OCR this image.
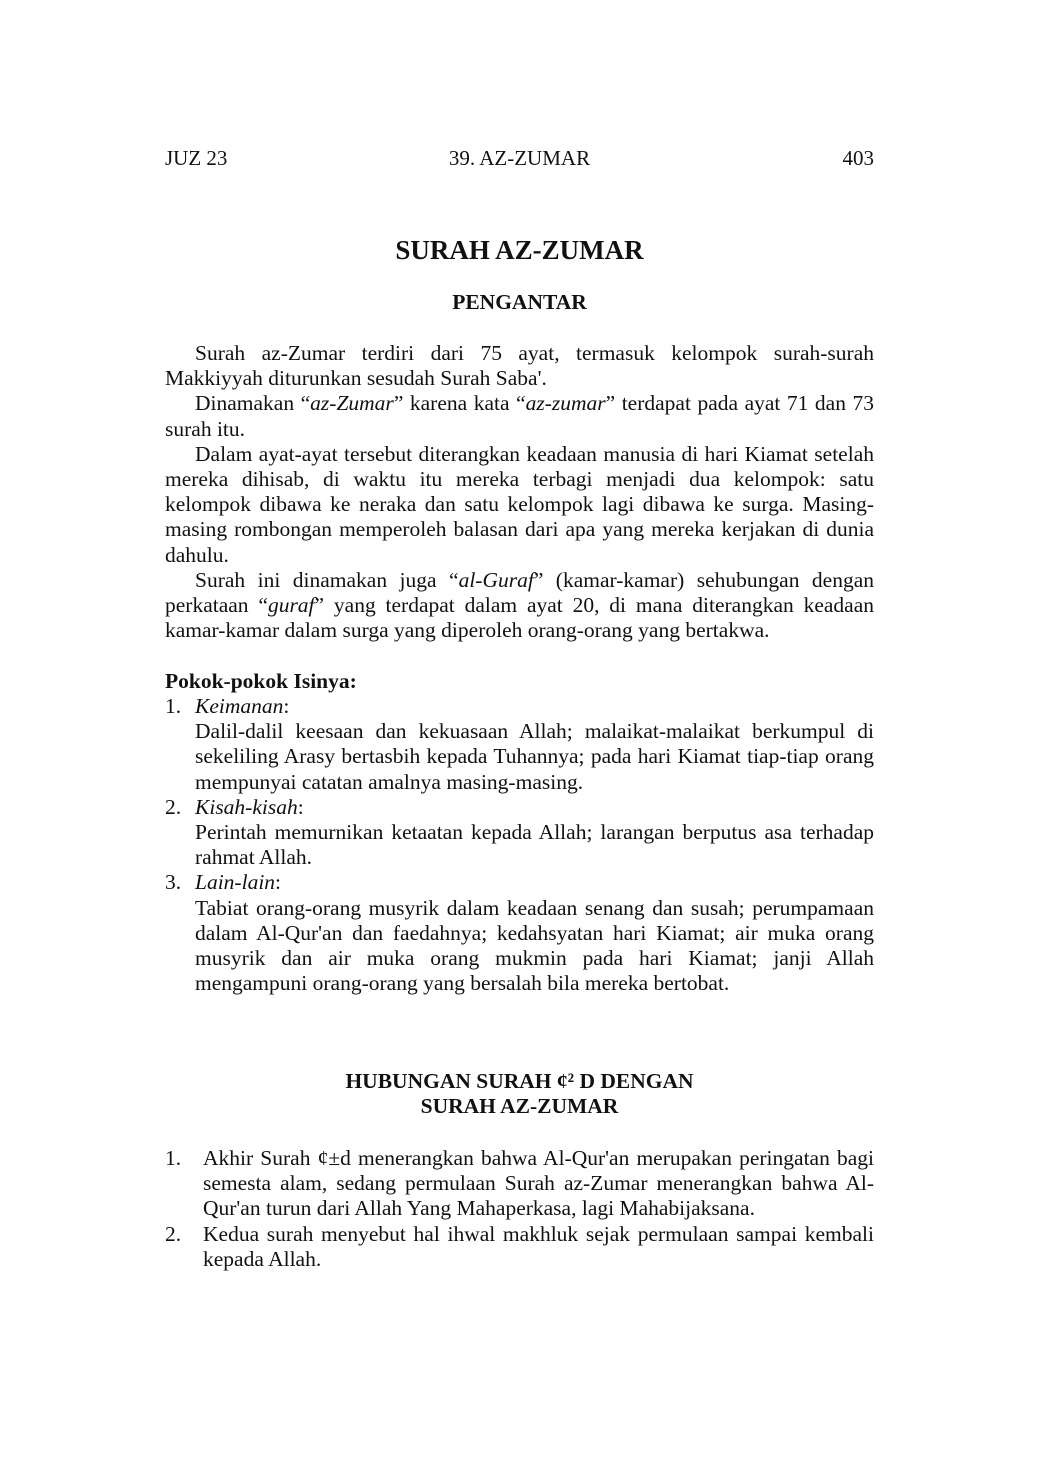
JUZ 23	39. AZ-ZUMAR	403
SURAH AZ-ZUMAR
PENGANTAR

Surah az-Zumar terdiri dari 75 ayat, termasuk kelompok surah-surah Makkiyyah diturunkan sesudah Surah Saba'.

Dinamakan “az-Zumar” karena kata “az-zumar” terdapat pada ayat 71 dan 73 surah itu.

Dalam ayat-ayat tersebut diterangkan keadaan manusia di hari Kiamat setelah mereka dihisab, di waktu itu mereka terbagi menjadi dua kelompok: satu kelompok dibawa ke neraka dan satu kelompok lagi dibawa ke surga. Masing-masing rombongan memperoleh balasan dari apa yang mereka kerjakan di dunia dahulu.

Surah ini dinamakan juga “al-Guraf” (kamar-kamar) sehubungan dengan perkataan “guraf” yang terdapat dalam ayat 20, di mana diterangkan keadaan kamar-kamar dalam surga yang diperoleh orang-orang yang bertakwa.

Pokok-pokok Isinya:
1. Keimanan:
Dalil-dalil keesaan dan kekuasaan Allah; malaikat-malaikat berkumpul di sekeliling Arasy bertasbih kepada Tuhannya; pada hari Kiamat tiap-tiap orang mempunyai catatan amalnya masing-masing.
2. Kisah-kisah:
Perintah memurnikan ketaatan kepada Allah; larangan berputus asa terhadap rahmat Allah.
3. Lain-lain:
Tabiat orang-orang musyrik dalam keadaan senang dan susah; perumpamaan dalam Al-Qur'an dan faedahnya; kedahsyatan hari Kiamat; air muka orang musyrik dan air muka orang mukmin pada hari Kiamat; janji Allah mengampuni orang-orang yang bersalah bila mereka bertobat.
HUBUNGAN SURAH ¢² D DENGAN
SURAH AZ-ZUMAR
1.	Akhir Surah ¢±d menerangkan bahwa Al-Qur'an merupakan peringatan bagi semesta alam, sedang permulaan Surah az-Zumar menerangkan bahwa Al-Qur'an turun dari Allah Yang Mahaperkasa, lagi Mahabijaksana.
2.	Kedua surah menyebut hal ihwal makhluk sejak permulaan sampai kembali kepada Allah.
